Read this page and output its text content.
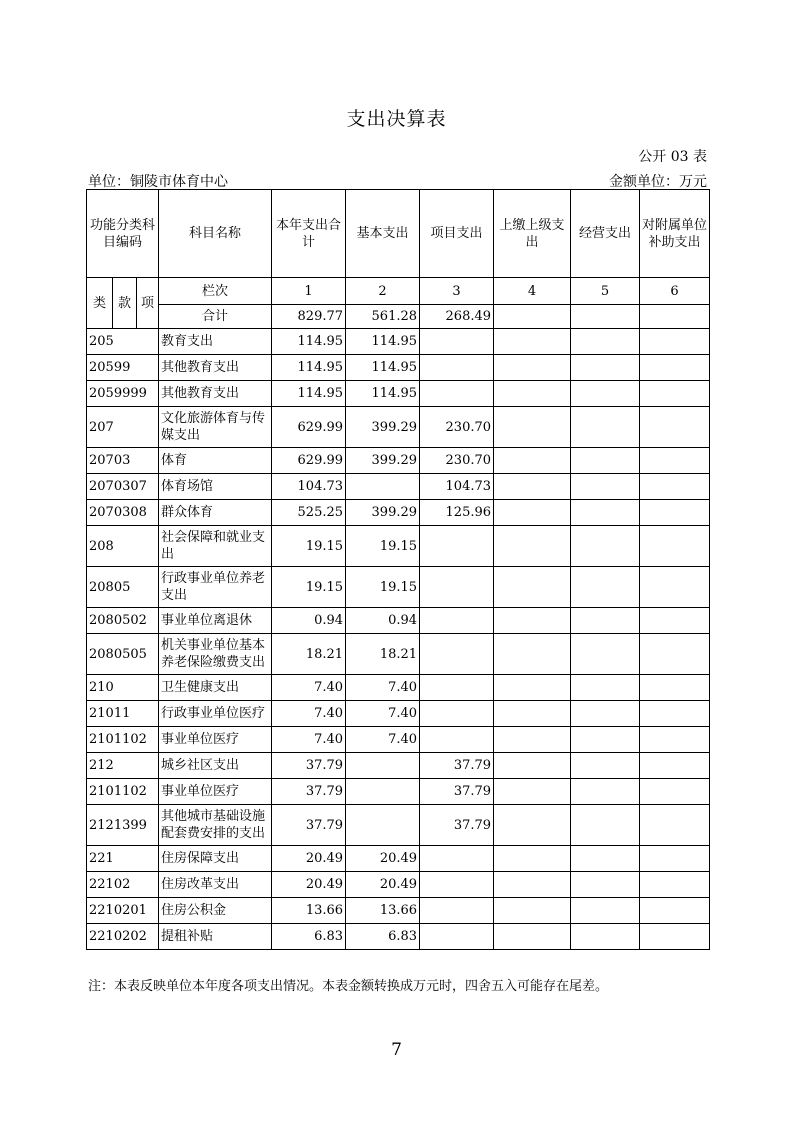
支出决算表
公开 03 表
单位：铜陵市体育中心	金额单位：万元
功能分类科目编码			科目名称	本年支出合计	基本支出	项目支出	上缴上级支出	经营支出	对附属单位补助支出
类	款	项	栏次	1	2	3	4	5	6
			合计	829.77	561.28	268.49			
205			教育支出	114.95	114.95				
20599			其他教育支出	114.95	114.95				
2059999			其他教育支出	114.95	114.95				
207			文化旅游体育与传媒支出	629.99	399.29	230.70			
20703			体育	629.99	399.29	230.70			
2070307			体育场馆	104.73		104.73			
2070308			群众体育	525.25	399.29	125.96			
208			社会保障和就业支出	19.15	19.15				
20805			行政事业单位养老支出	19.15	19.15				
2080502			事业单位离退休	0.94	0.94				
2080505			机关事业单位基本养老保险缴费支出	18.21	18.21				
210			卫生健康支出	7.40	7.40				
21011			行政事业单位医疗	7.40	7.40				
2101102			事业单位医疗	7.40	7.40				
212			城乡社区支出	37.79		37.79			
2101102			事业单位医疗	37.79		37.79			
2121399			其他城市基础设施配套费安排的支出	37.79		37.79			
221			住房保障支出	20.49	20.49				
22102			住房改革支出	20.49	20.49				
2210201			住房公积金	13.66	13.66				
2210202			提租补贴	6.83	6.83				
注：本表反映单位本年度各项支出情况。本表金额转换成万元时，四舍五入可能存在尾差。
7
